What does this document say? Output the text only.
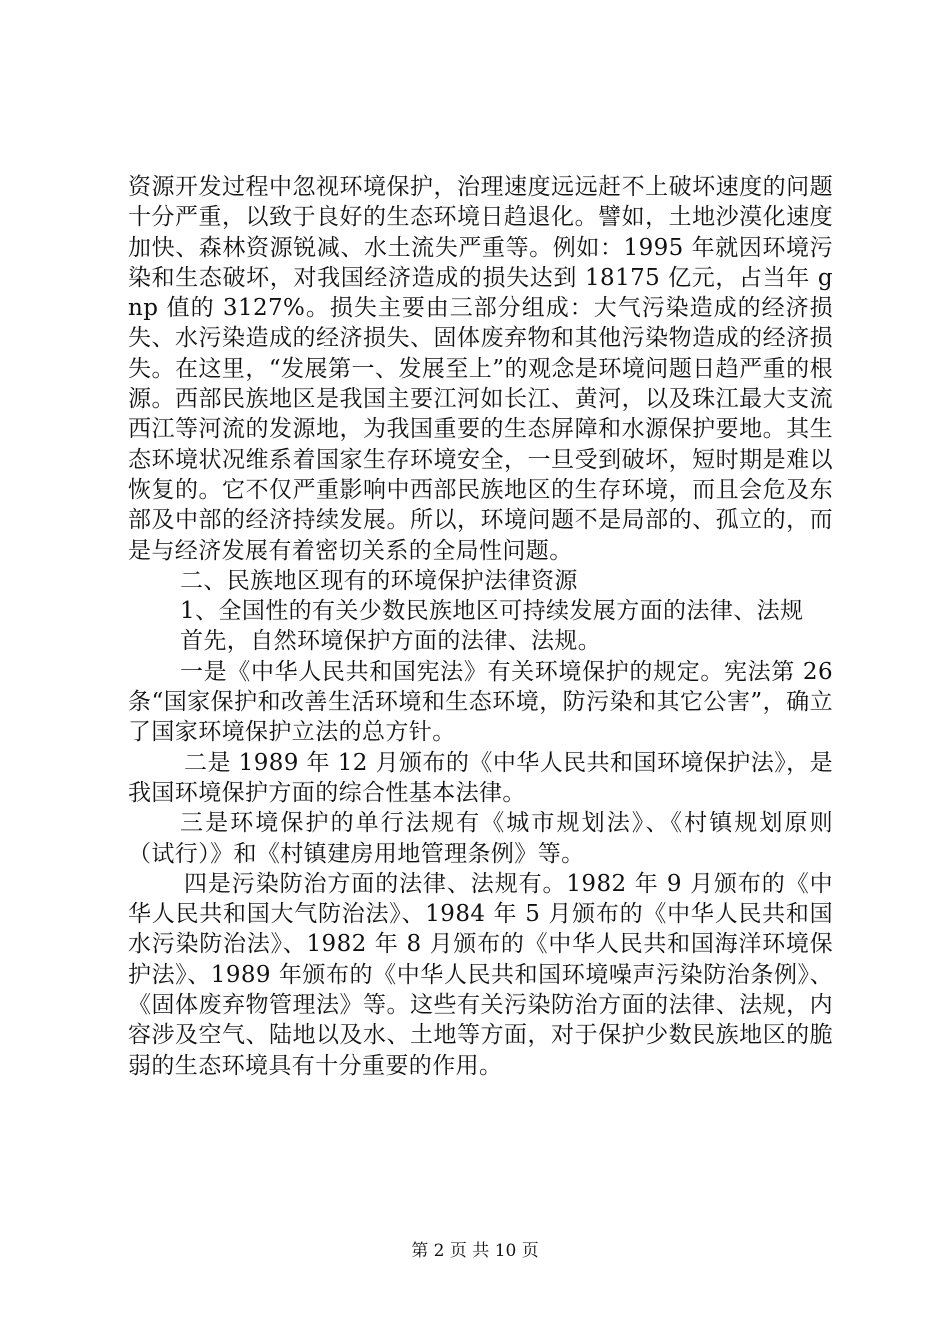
资源开发过程中忽视环境保护，治理速度远远赶不上破坏速度的问题十分严重，以致于良好的生态环境日趋退化。譬如，土地沙漠化速度加快、森林资源锐减、水土流失严重等。例如：1995 年就因环境污染和生态破坏，对我国经济造成的损失达到 18175 亿元，占当年 gnp 值的 3127%。损失主要由三部分组成：大气污染造成的经济损失、水污染造成的经济损失、固体废弃物和其他污染物造成的经济损失。在这里，“发展第一、发展至上”的观念是环境问题日趋严重的根源。西部民族地区是我国主要江河如长江、黄河，以及珠江最大支流西江等河流的发源地，为我国重要的生态屏障和水源保护要地。其生态环境状况维系着国家生存环境安全，一旦受到破坏，短时期是难以恢复的。它不仅严重影响中西部民族地区的生存环境，而且会危及东部及中部的经济持续发展。所以，环境问题不是局部的、孤立的，而是与经济发展有着密切关系的全局性问题。

二、民族地区现有的环境保护法律资源

1、全国性的有关少数民族地区可持续发展方面的法律、法规

首先，自然环境保护方面的法律、法规。

一是《中华人民共和国宪法》有关环境保护的规定。宪法第 26 条“国家保护和改善生活环境和生态环境，防污染和其它公害”，确立了国家环境保护立法的总方针。

二是 1989 年 12 月颁布的《中华人民共和国环境保护法》，是我国环境保护方面的综合性基本法律。

三是环境保护的单行法规有《城市规划法》、《村镇规划原则（试行）》和《村镇建房用地管理条例》等。

四是污染防治方面的法律、法规有。1982 年 9 月颁布的《中华人民共和国大气防治法》、1984 年 5 月颁布的《中华人民共和国水污染防治法》、1982 年 8 月颁布的《中华人民共和国海洋环境保护法》、1989 年颁布的《中华人民共和国环境噪声污染防治条例》、《固体废弃物管理法》等。这些有关污染防治方面的法律、法规，内容涉及空气、陆地以及水、土地等方面，对于保护少数民族地区的脆弱的生态环境具有十分重要的作用。

第 2 页 共 10 页
